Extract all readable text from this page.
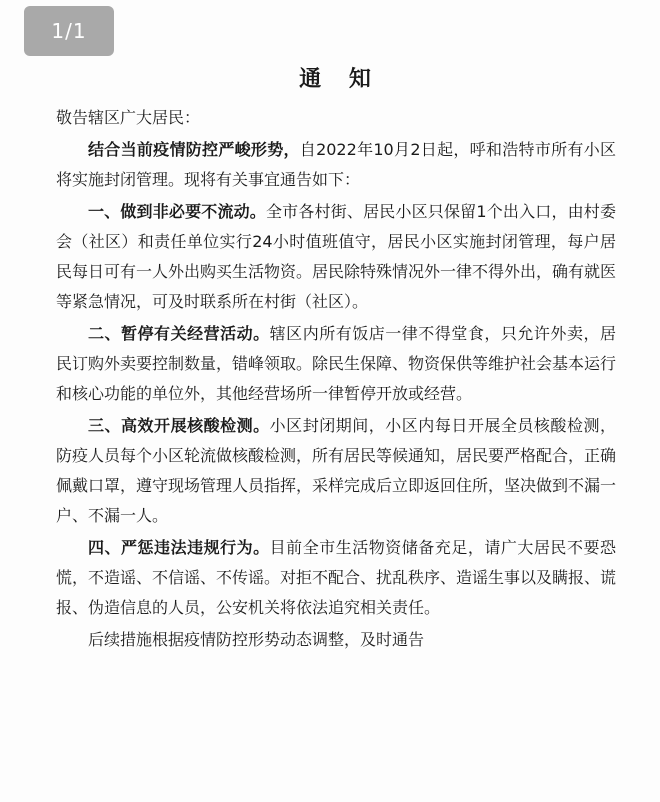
1/1
通 知

敬告辖区广大居民：

结合当前疫情防控严峻形势，自2022年10月2日起，呼和浩特市所有小区将实施封闭管理。现将有关事宜通告如下：

一、做到非必要不流动。全市各村街、居民小区只保留1个出入口，由村委会（社区）和责任单位实行24小时值班值守，居民小区实施封闭管理，每户居民每日可有一人外出购买生活物资。居民除特殊情况外一律不得外出，确有就医等紧急情况，可及时联系所在村街（社区）。

二、暂停有关经营活动。辖区内所有饭店一律不得堂食，只允许外卖，居民订购外卖要控制数量，错峰领取。除民生保障、物资保供等维护社会基本运行和核心功能的单位外，其他经营场所一律暂停开放或经营。

三、高效开展核酸检测。小区封闭期间，小区内每日开展全员核酸检测，防疫人员每个小区轮流做核酸检测，所有居民等候通知，居民要严格配合，正确佩戴口罩，遵守现场管理人员指挥，采样完成后立即返回住所，坚决做到不漏一户、不漏一人。

四、严惩违法违规行为。目前全市生活物资储备充足，请广大居民不要恐慌，不造谣、不信谣、不传谣。对拒不配合、扰乱秩序、造谣生事以及瞒报、谎报、伪造信息的人员，公安机关将依法追究相关责任。

后续措施根据疫情防控形势动态调整，及时通告
